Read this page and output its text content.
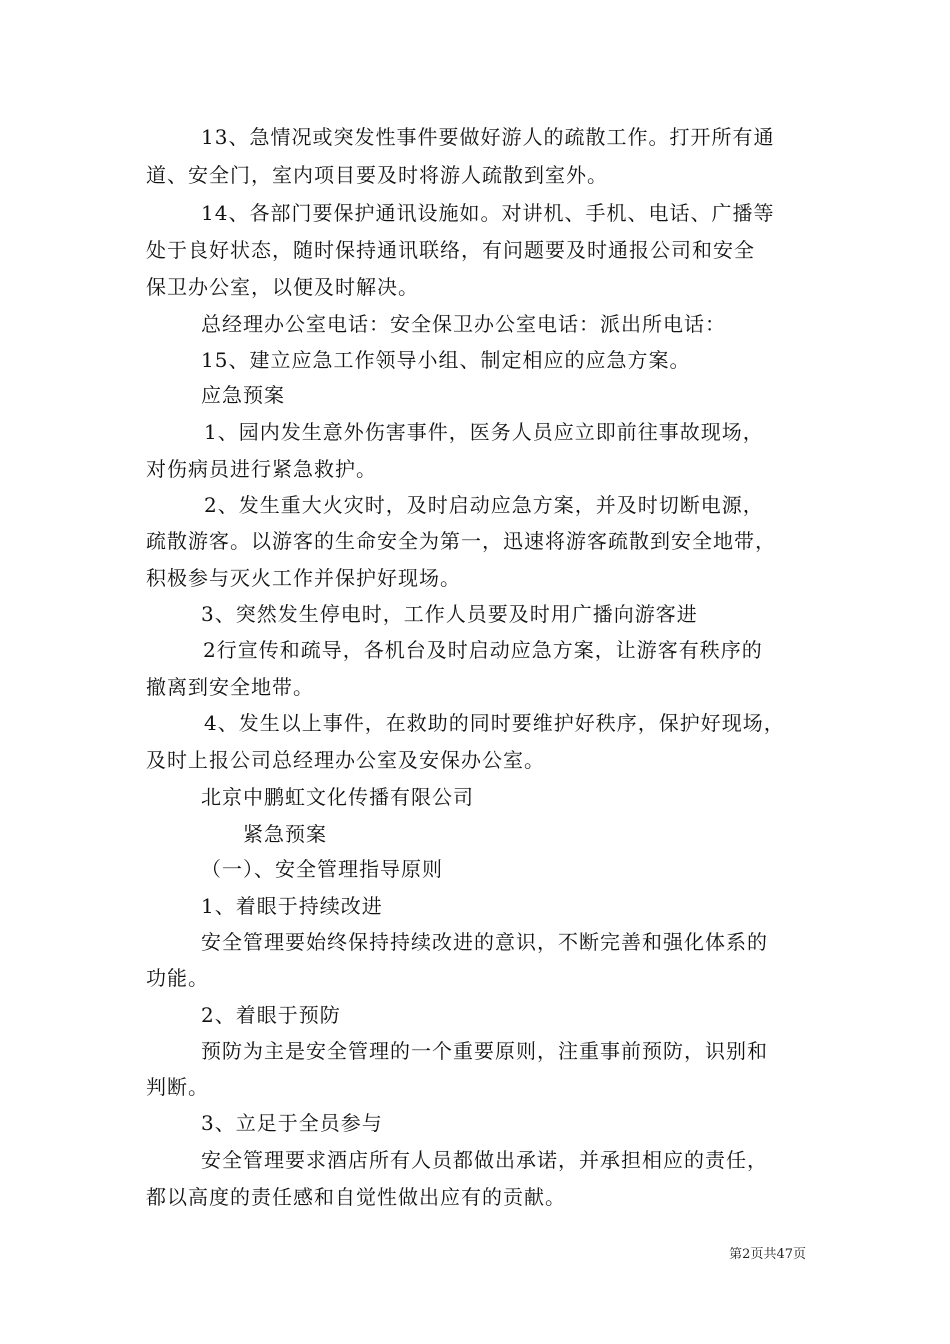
13、急情况或突发性事件要做好游人的疏散工作。打开所有通
道、安全门，室内项目要及时将游人疏散到室外。
14、各部门要保护通讯设施如。对讲机、手机、电话、广播等
处于良好状态，随时保持通讯联络，有问题要及时通报公司和安全
保卫办公室，以便及时解决。
总经理办公室电话：安全保卫办公室电话：派出所电话：
15、建立应急工作领导小组、制定相应的应急方案。
应急预案
1、园内发生意外伤害事件，医务人员应立即前往事故现场，
对伤病员进行紧急救护。
2、发生重大火灾时，及时启动应急方案，并及时切断电源，
疏散游客。以游客的生命安全为第一，迅速将游客疏散到安全地带，
积极参与灭火工作并保护好现场。
3、突然发生停电时，工作人员要及时用广播向游客进
2行宣传和疏导，各机台及时启动应急方案，让游客有秩序的
撤离到安全地带。
4、发生以上事件，在救助的同时要维护好秩序，保护好现场，
及时上报公司总经理办公室及安保办公室。
北京中鹏虹文化传播有限公司
紧急预案
（一）、安全管理指导原则
1、着眼于持续改进
安全管理要始终保持持续改进的意识，不断完善和强化体系的
功能。
2、着眼于预防
预防为主是安全管理的一个重要原则，注重事前预防，识别和
判断。
3、立足于全员参与
安全管理要求酒店所有人员都做出承诺，并承担相应的责任，
都以高度的责任感和自觉性做出应有的贡献。
第2页共47页
